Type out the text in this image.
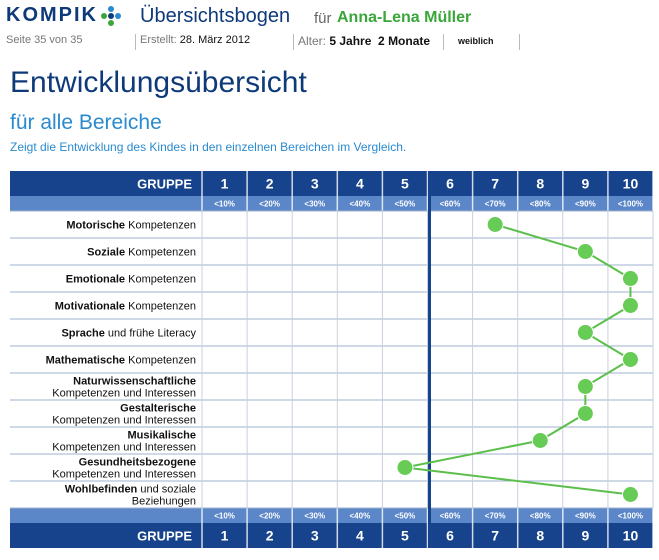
KOMPIK Übersichtsbogen für Anna-Lena Müller
Seite 35 von 35	Erstellt: 28. März 2012	Alter: 5 Jahre  2 Monate	weiblich
Entwicklungsübersicht
für alle Bereiche
Zeigt die Entwicklung des Kindes in den einzelnen Bereichen im Vergleich.
GRUPPE 1	2	3	4	5	6	7	8	9 10
GRUPPE 1	2	3	4	5	6	7	8	9 10
<10%	<20%	<30%	<40%	<50%	<60%	<70%	<80%	<90%	<100%
<10%	<20%	<30%	<40%	<50%	<60%	<70%	<80%	<90%	<100%
Motorische Kompetenzen
Soziale Kompetenzen
Emotionale Kompetenzen
Motivationale Kompetenzen
Sprache und frühe Literacy
Mathematische Kompetenzen
Naturwissenschaftliche
Kompetenzen und Interessen
Gestalterische
Kompetenzen und Interessen
Musikalische
Kompetenzen und Interessen
Gesundheitsbezogene
Kompetenzen und Interessen
Wohlbefinden und soziale
Beziehungen
